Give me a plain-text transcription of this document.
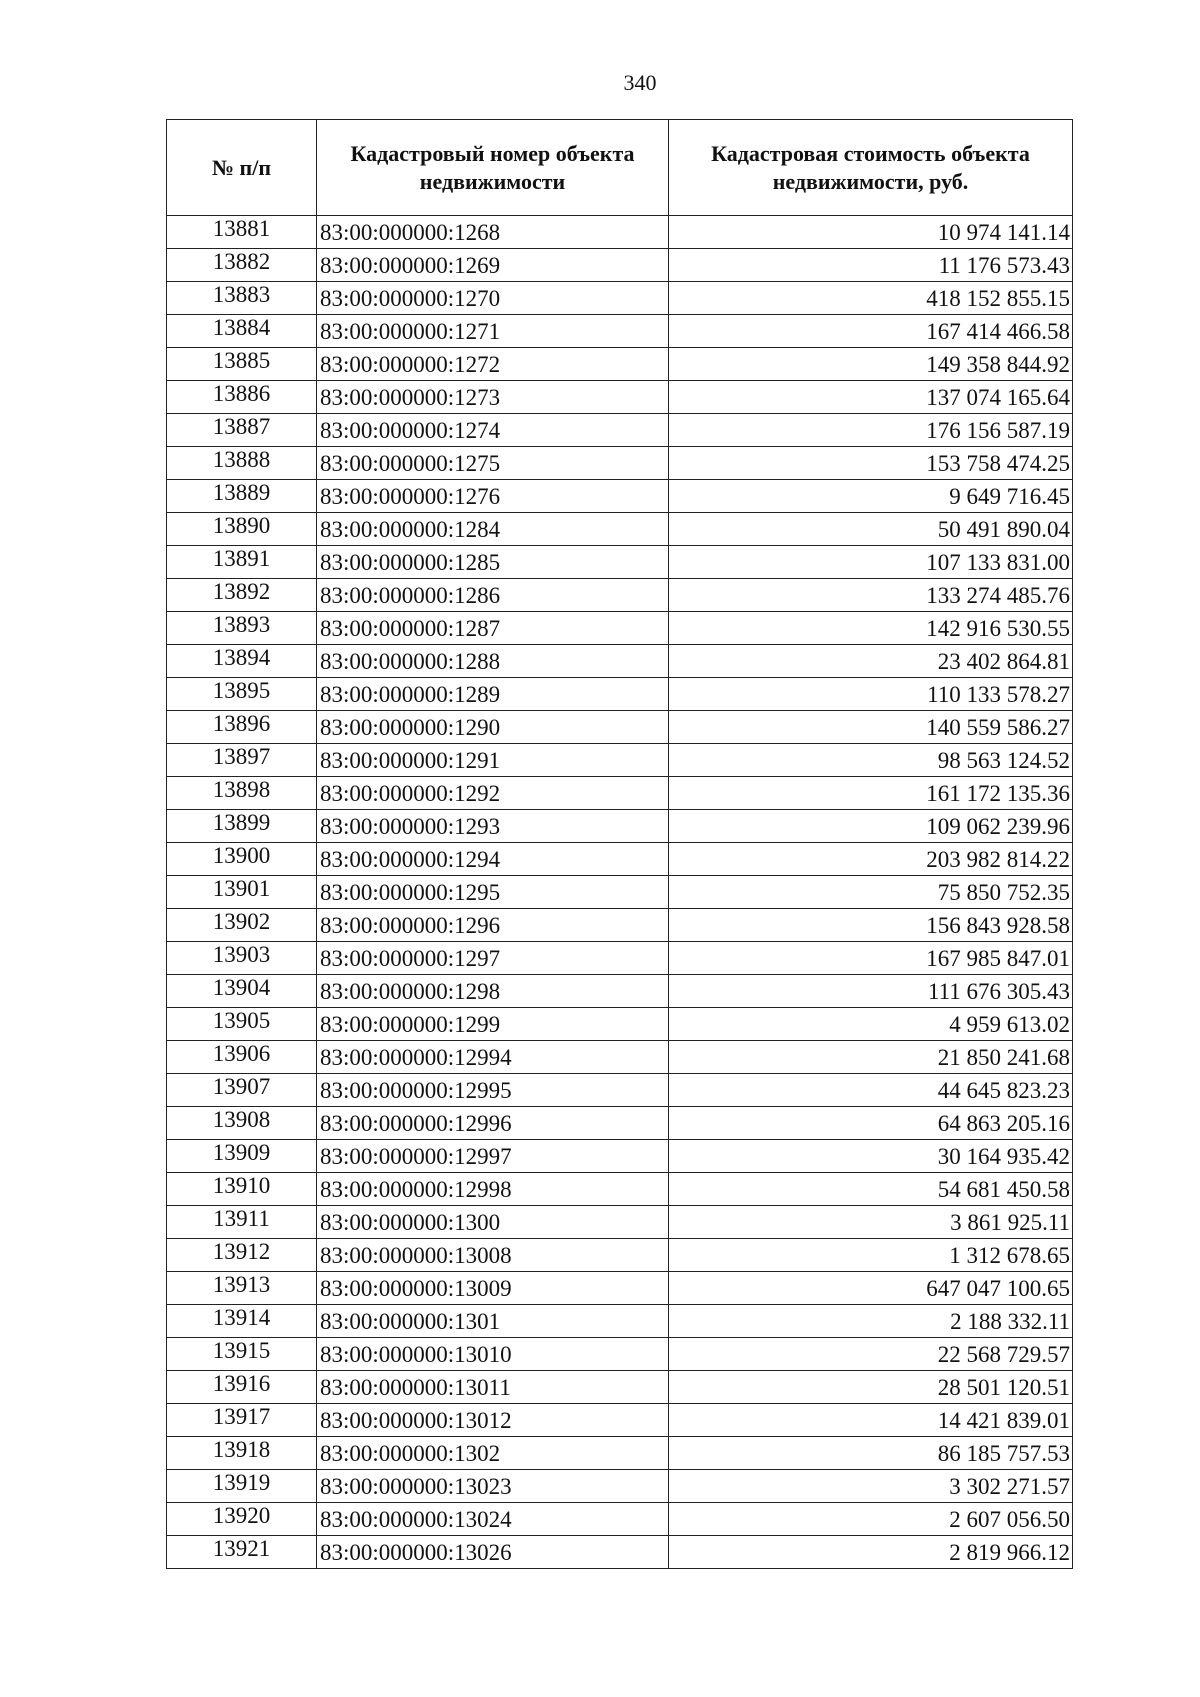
340
№ п/п	Кадастровый номер объекта недвижимости	Кадастровая стоимость объекта недвижимости, руб.
13881	83:00:000000:1268	10 974 141.14
13882	83:00:000000:1269	11 176 573.43
13883	83:00:000000:1270	418 152 855.15
13884	83:00:000000:1271	167 414 466.58
13885	83:00:000000:1272	149 358 844.92
13886	83:00:000000:1273	137 074 165.64
13887	83:00:000000:1274	176 156 587.19
13888	83:00:000000:1275	153 758 474.25
13889	83:00:000000:1276	9 649 716.45
13890	83:00:000000:1284	50 491 890.04
13891	83:00:000000:1285	107 133 831.00
13892	83:00:000000:1286	133 274 485.76
13893	83:00:000000:1287	142 916 530.55
13894	83:00:000000:1288	23 402 864.81
13895	83:00:000000:1289	110 133 578.27
13896	83:00:000000:1290	140 559 586.27
13897	83:00:000000:1291	98 563 124.52
13898	83:00:000000:1292	161 172 135.36
13899	83:00:000000:1293	109 062 239.96
13900	83:00:000000:1294	203 982 814.22
13901	83:00:000000:1295	75 850 752.35
13902	83:00:000000:1296	156 843 928.58
13903	83:00:000000:1297	167 985 847.01
13904	83:00:000000:1298	111 676 305.43
13905	83:00:000000:1299	4 959 613.02
13906	83:00:000000:12994	21 850 241.68
13907	83:00:000000:12995	44 645 823.23
13908	83:00:000000:12996	64 863 205.16
13909	83:00:000000:12997	30 164 935.42
13910	83:00:000000:12998	54 681 450.58
13911	83:00:000000:1300	3 861 925.11
13912	83:00:000000:13008	1 312 678.65
13913	83:00:000000:13009	647 047 100.65
13914	83:00:000000:1301	2 188 332.11
13915	83:00:000000:13010	22 568 729.57
13916	83:00:000000:13011	28 501 120.51
13917	83:00:000000:13012	14 421 839.01
13918	83:00:000000:1302	86 185 757.53
13919	83:00:000000:13023	3 302 271.57
13920	83:00:000000:13024	2 607 056.50
13921	83:00:000000:13026	2 819 966.12
